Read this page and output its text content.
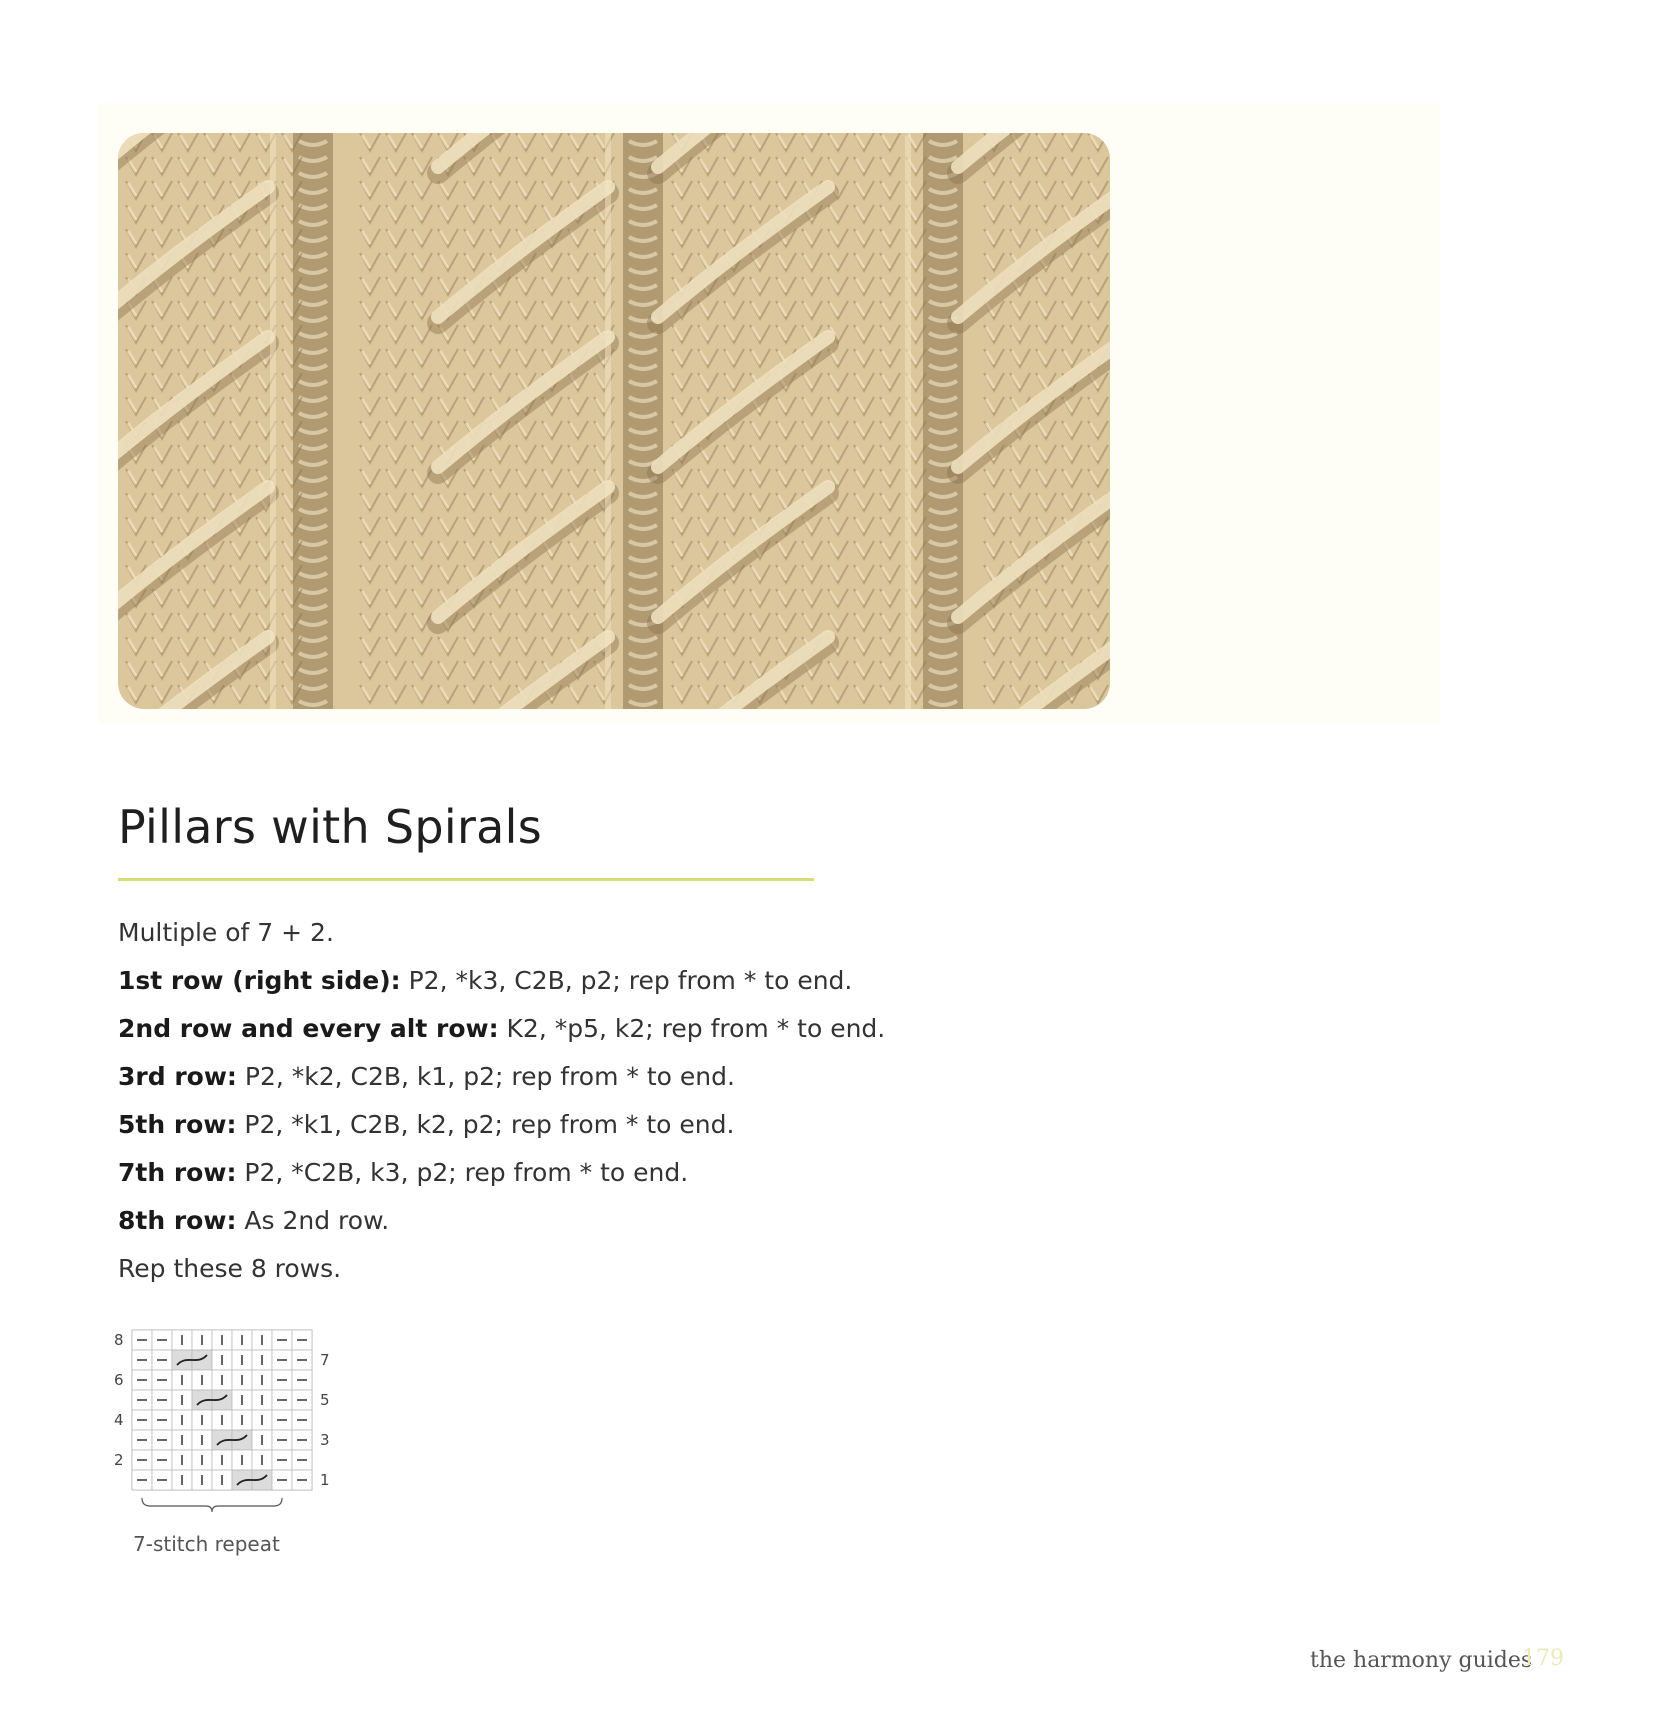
Pillars with Spirals
Multiple of 7 + 2.
1st row (right side): P2, *k3, C2B, p2; rep from * to end.
2nd row and every alt row: K2, *p5, k2; rep from * to end.
3rd row: P2, *k2, C2B, k1, p2; rep from * to end.
5th row: P2, *k1, C2B, k2, p2; rep from * to end.
7th row: P2, *C2B, k3, p2; rep from * to end.
8th row: As 2nd row.
Rep these 8 rows.
8
6
4
2
7
5
3
1
7-stitch repeat
the harmony guides
179
